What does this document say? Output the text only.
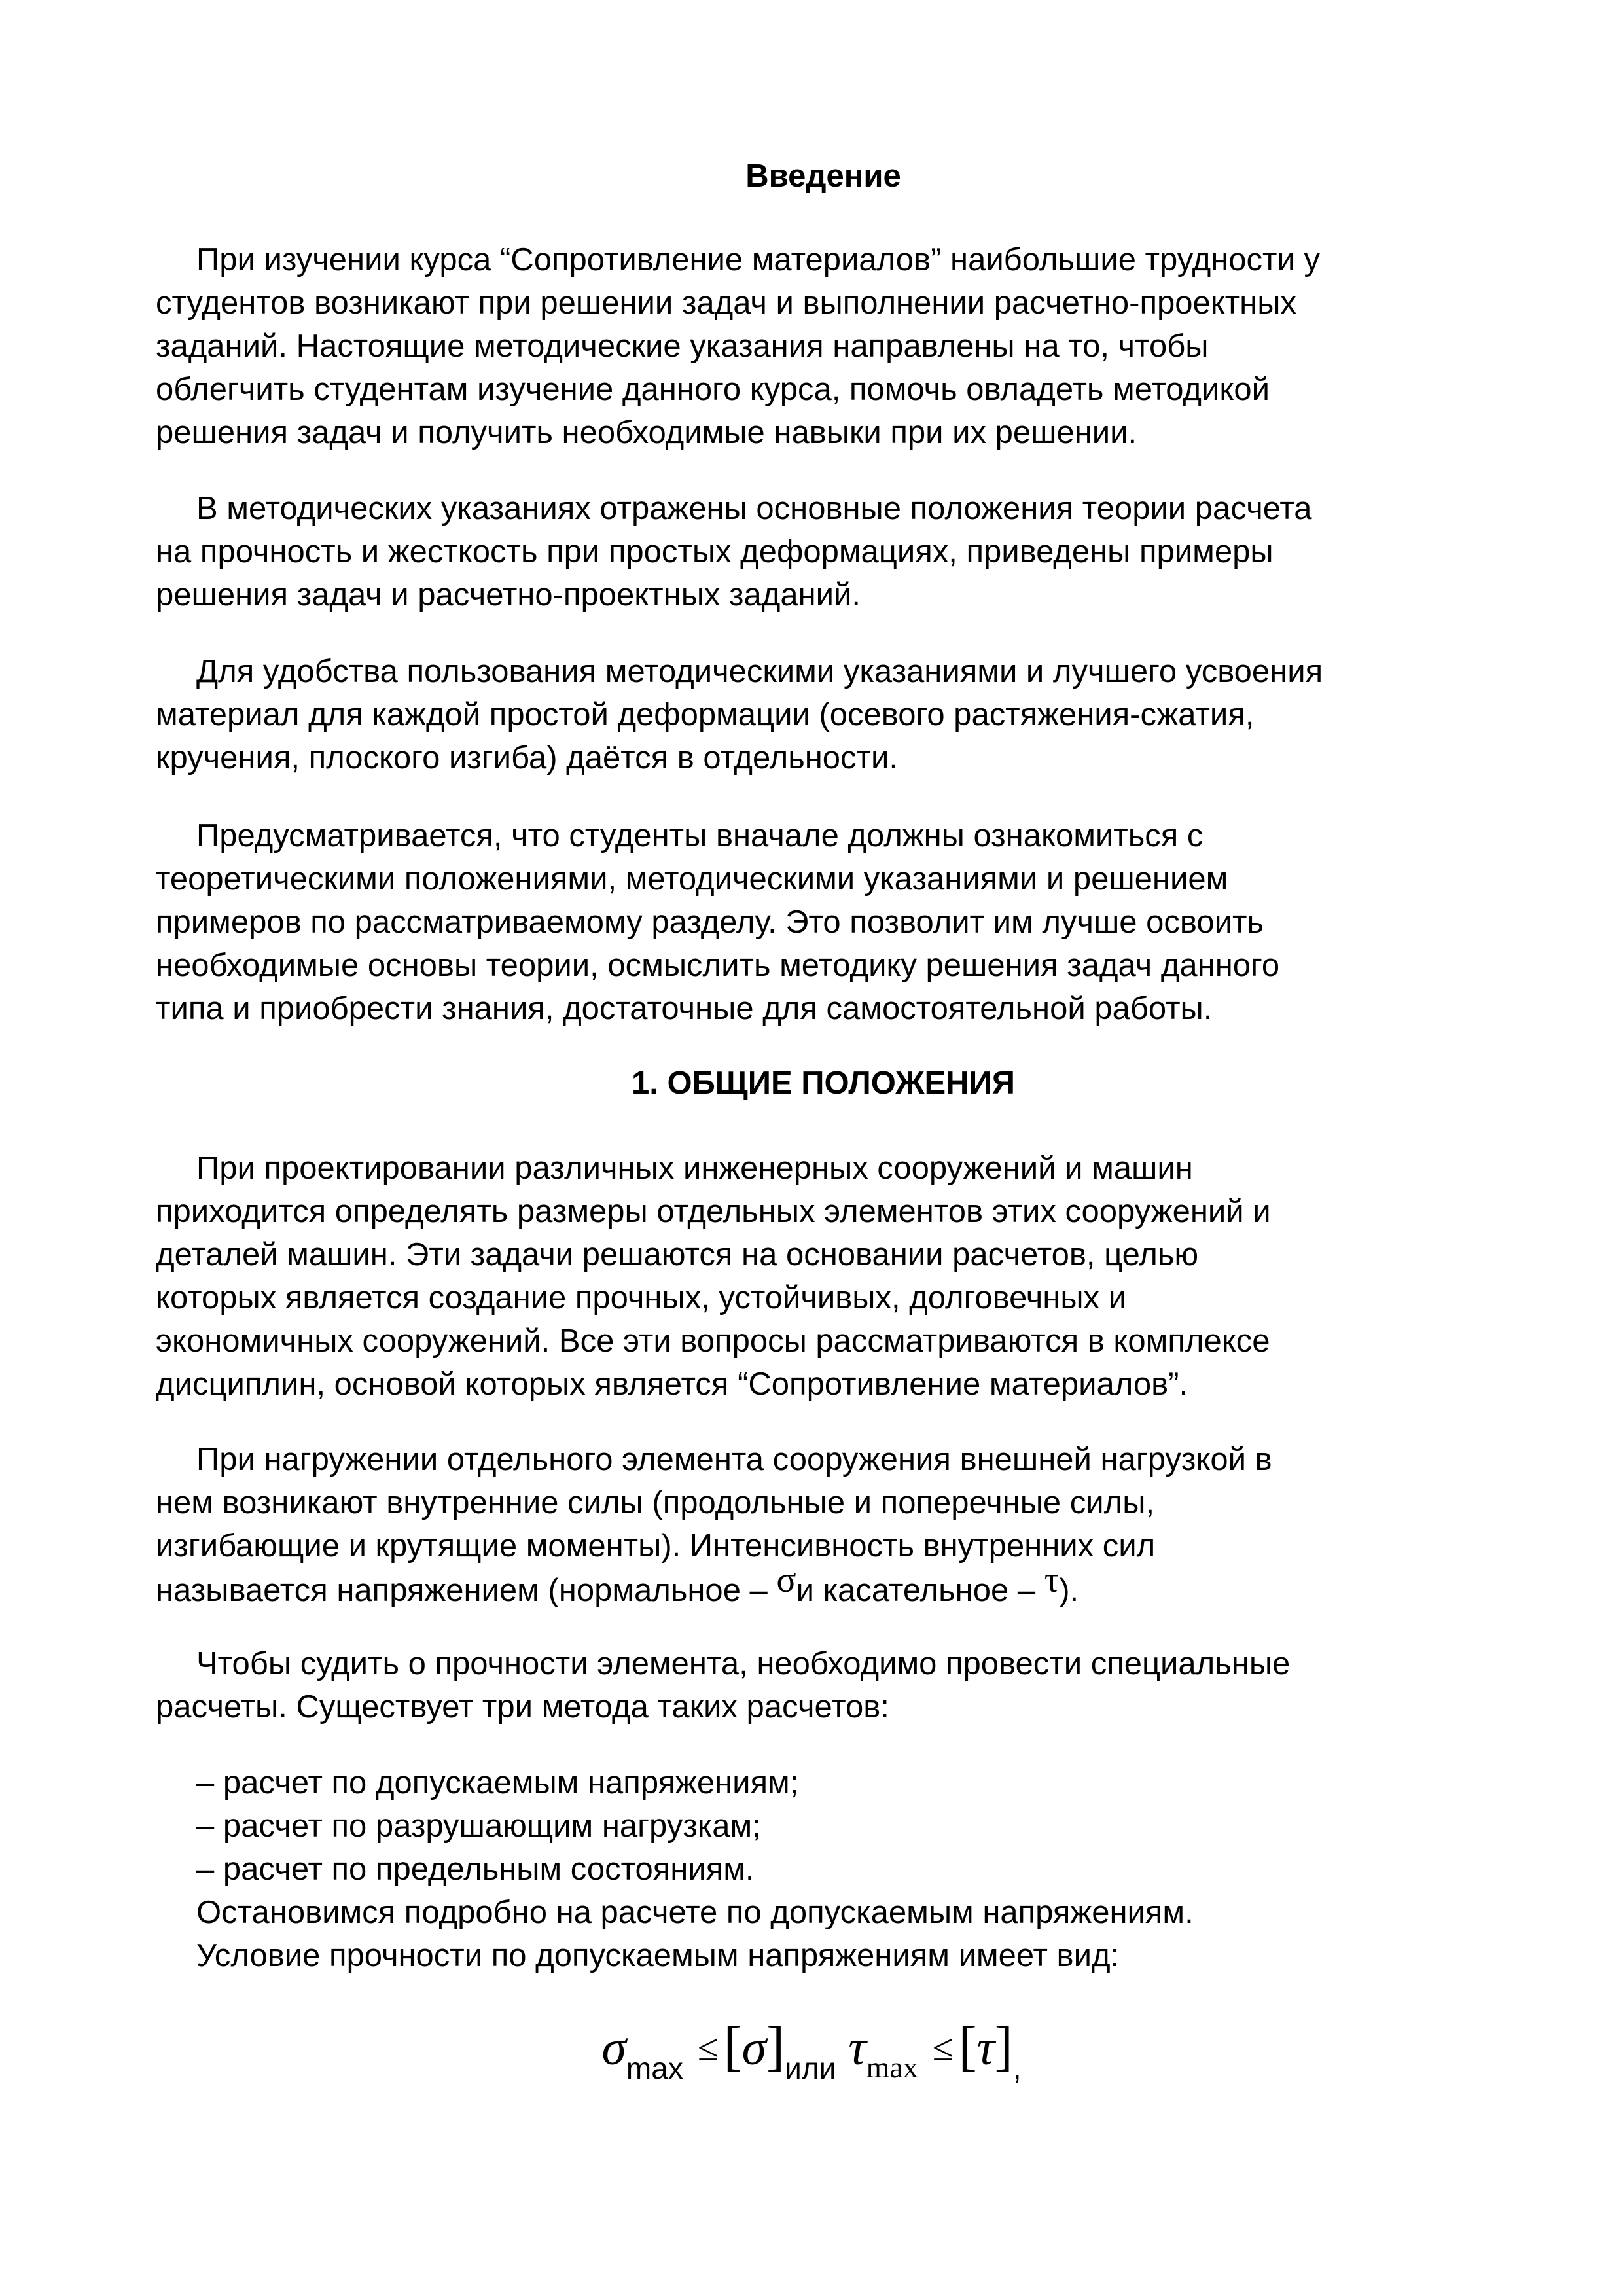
Введение

При изучении курса “Сопротивление материалов” наибольшие трудности у

студентов возникают при решении задач и выполнении расчетно-проектных

заданий. Настоящие методические указания направлены на то, чтобы

облегчить студентам изучение данного курса, помочь овладеть методикой

решения задач и получить необходимые навыки при их решении.

В методических указаниях отражены основные положения теории расчета

на прочность и жесткость при простых деформациях, приведены примеры

решения задач и расчетно-проектных заданий.

Для удобства пользования методическими указаниями и лучшего усвоения

материал для каждой простой деформации (осевого растяжения-сжатия,

кручения, плоского изгиба) даётся в отдельности.

Предусматривается, что студенты вначале должны ознакомиться с

теоретическими положениями, методическими указаниями и решением

примеров по рассматриваемому разделу. Это позволит им лучше освоить

необходимые основы теории, осмыслить методику решения задач данного

типа и приобрести знания, достаточные для самостоятельной работы.

1. ОБЩИЕ ПОЛОЖЕНИЯ

При проектировании различных инженерных сооружений и машин

приходится определять размеры отдельных элементов этих сооружений и

деталей машин. Эти задачи решаются на основании расчетов, целью

которых является создание прочных, устойчивых, долговечных и

экономичных сооружений. Все эти вопросы рассматриваются в комплексе

дисциплин, основой которых является “Сопротивление материалов”.

При нагружении отдельного элемента сооружения внешней нагрузкой в

нем возникают внутренние силы (продольные и поперечные силы,

изгибающие и крутящие моменты). Интенсивность внутренних сил

называется напряжением (нормальное – σи касательное – τ).

Чтобы судить о прочности элемента, необходимо провести специальные

расчеты. Существует три метода таких расчетов:

– расчет по допускаемым напряжениям;

– расчет по разрушающим нагрузкам;

– расчет по предельным состояниям.

Остановимся подробно на расчете по допускаемым напряжениям.

Условие прочности по допускаемым напряжениям имеет вид:

$\sigma_{max} \le[\sigma]_{или}$ $\tau_{max} \le[\tau]_,$
